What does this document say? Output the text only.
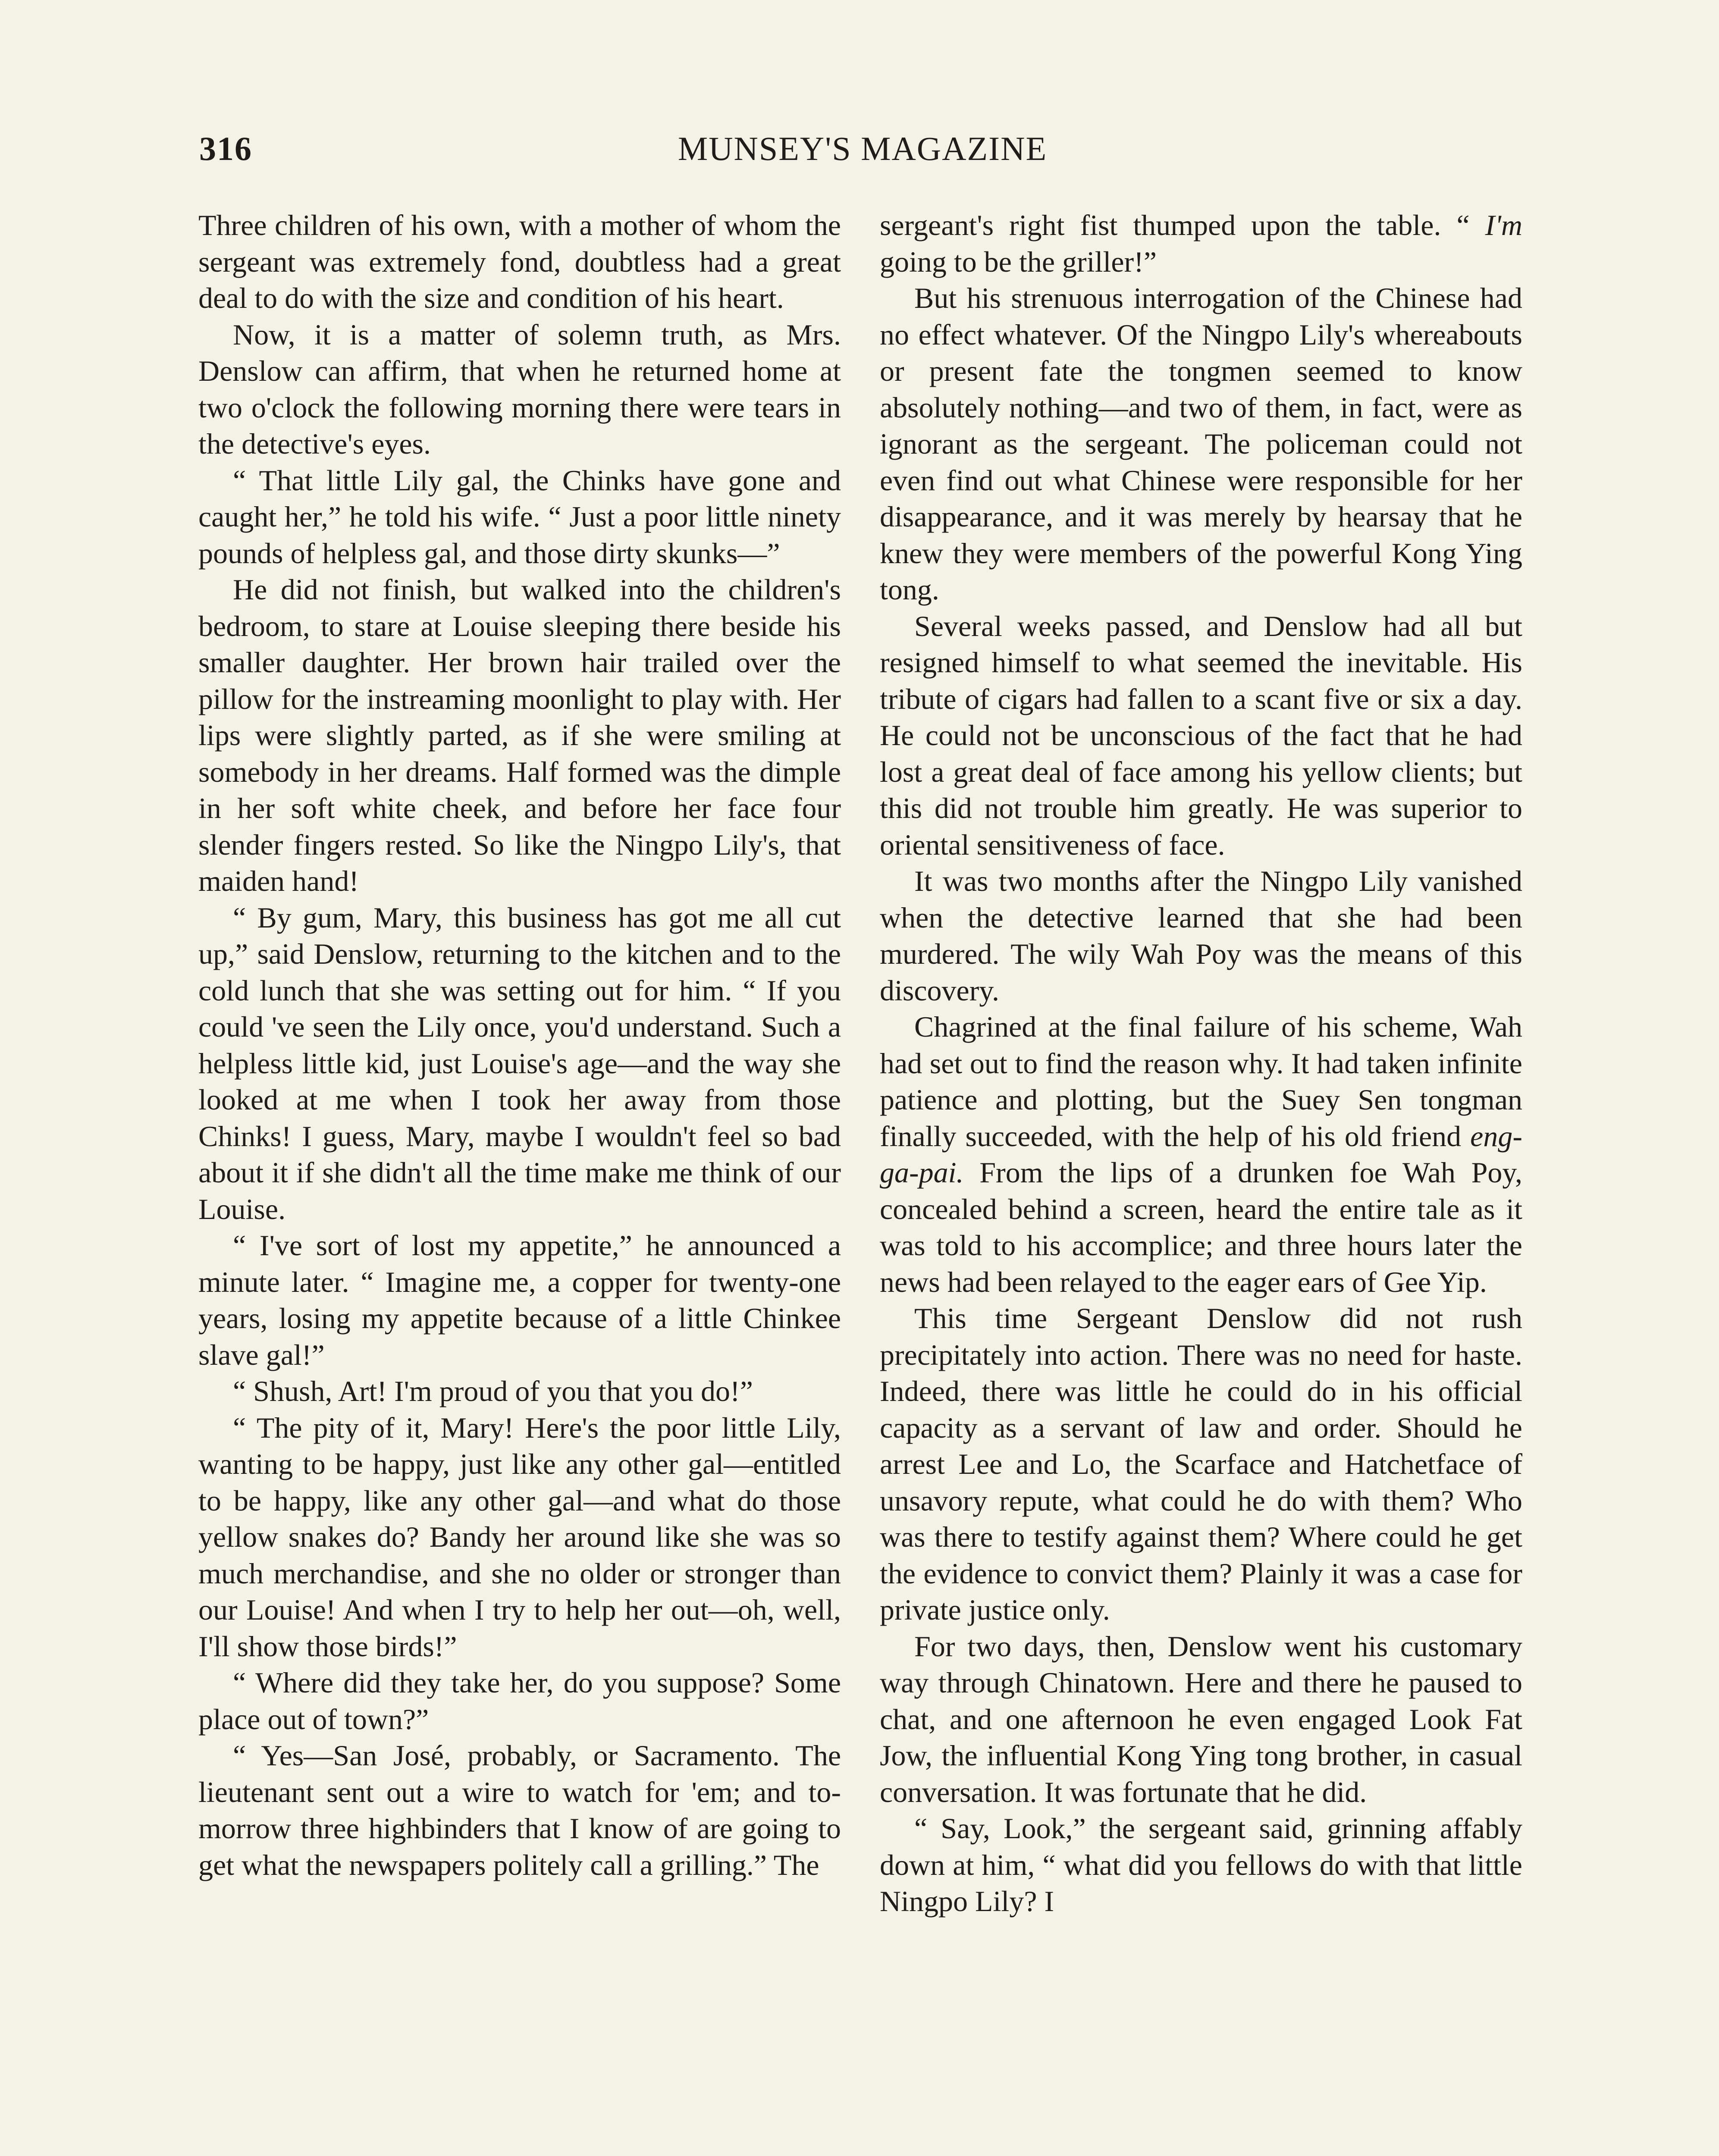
316	MUNSEY'S MAGAZINE

Three children of his own, with a mother of whom the sergeant was extremely fond, doubtless had a great deal to do with the size and condition of his heart.

Now, it is a matter of solemn truth, as Mrs. Denslow can affirm, that when he returned home at two o'clock the following morning there were tears in the detective's eyes.

“ That little Lily gal, the Chinks have gone and caught her,” he told his wife. “ Just a poor little ninety pounds of helpless gal, and those dirty skunks—”

He did not finish, but walked into the children's bedroom, to stare at Louise sleeping there beside his smaller daughter. Her brown hair trailed over the pillow for the instreaming moonlight to play with. Her lips were slightly parted, as if she were smiling at somebody in her dreams. Half formed was the dimple in her soft white cheek, and before her face four slender fingers rested. So like the Ningpo Lily's, that maiden hand!

“ By gum, Mary, this business has got me all cut up,” said Denslow, returning to the kitchen and to the cold lunch that she was setting out for him. “ If you could 've seen the Lily once, you'd understand. Such a helpless little kid, just Louise's age—and the way she looked at me when I took her away from those Chinks! I guess, Mary, maybe I wouldn't feel so bad about it if she didn't all the time make me think of our Louise.

“ I've sort of lost my appetite,” he announced a minute later. “ Imagine me, a copper for twenty-one years, losing my appetite because of a little Chinkee slave gal!”

“ Shush, Art! I'm proud of you that you do!”

“ The pity of it, Mary! Here's the poor little Lily, wanting to be happy, just like any other gal—entitled to be happy, like any other gal—and what do those yellow snakes do? Bandy her around like she was so much merchandise, and she no older or stronger than our Louise! And when I try to help her out—oh, well, I'll show those birds!”

“ Where did they take her, do you suppose? Some place out of town?”

“ Yes—San José, probably, or Sacramento. The lieutenant sent out a wire to watch for 'em; and to-morrow three highbinders that I know of are going to get what the newspapers politely call a grilling.” The

sergeant's right fist thumped upon the table. “ I'm going to be the griller!”

But his strenuous interrogation of the Chinese had no effect whatever. Of the Ningpo Lily's whereabouts or present fate the tongmen seemed to know absolutely nothing—and two of them, in fact, were as ignorant as the sergeant. The policeman could not even find out what Chinese were responsible for her disappearance, and it was merely by hearsay that he knew they were members of the powerful Kong Ying tong.

Several weeks passed, and Denslow had all but resigned himself to what seemed the inevitable. His tribute of cigars had fallen to a scant five or six a day. He could not be unconscious of the fact that he had lost a great deal of face among his yellow clients; but this did not trouble him greatly. He was superior to oriental sensitiveness of face.

It was two months after the Ningpo Lily vanished when the detective learned that she had been murdered. The wily Wah Poy was the means of this discovery.

Chagrined at the final failure of his scheme, Wah had set out to find the reason why. It had taken infinite patience and plotting, but the Suey Sen tongman finally succeeded, with the help of his old friend eng-ga-pai. From the lips of a drunken foe Wah Poy, concealed behind a screen, heard the entire tale as it was told to his accomplice; and three hours later the news had been relayed to the eager ears of Gee Yip.

This time Sergeant Denslow did not rush precipitately into action. There was no need for haste. Indeed, there was little he could do in his official capacity as a servant of law and order. Should he arrest Lee and Lo, the Scarface and Hatchetface of unsavory repute, what could he do with them? Who was there to testify against them? Where could he get the evidence to convict them? Plainly it was a case for private justice only.

For two days, then, Denslow went his customary way through Chinatown. Here and there he paused to chat, and one afternoon he even engaged Look Fat Jow, the influential Kong Ying tong brother, in casual conversation. It was fortunate that he did.

“ Say, Look,” the sergeant said, grinning affably down at him, “ what did you fellows do with that little Ningpo Lily? I
